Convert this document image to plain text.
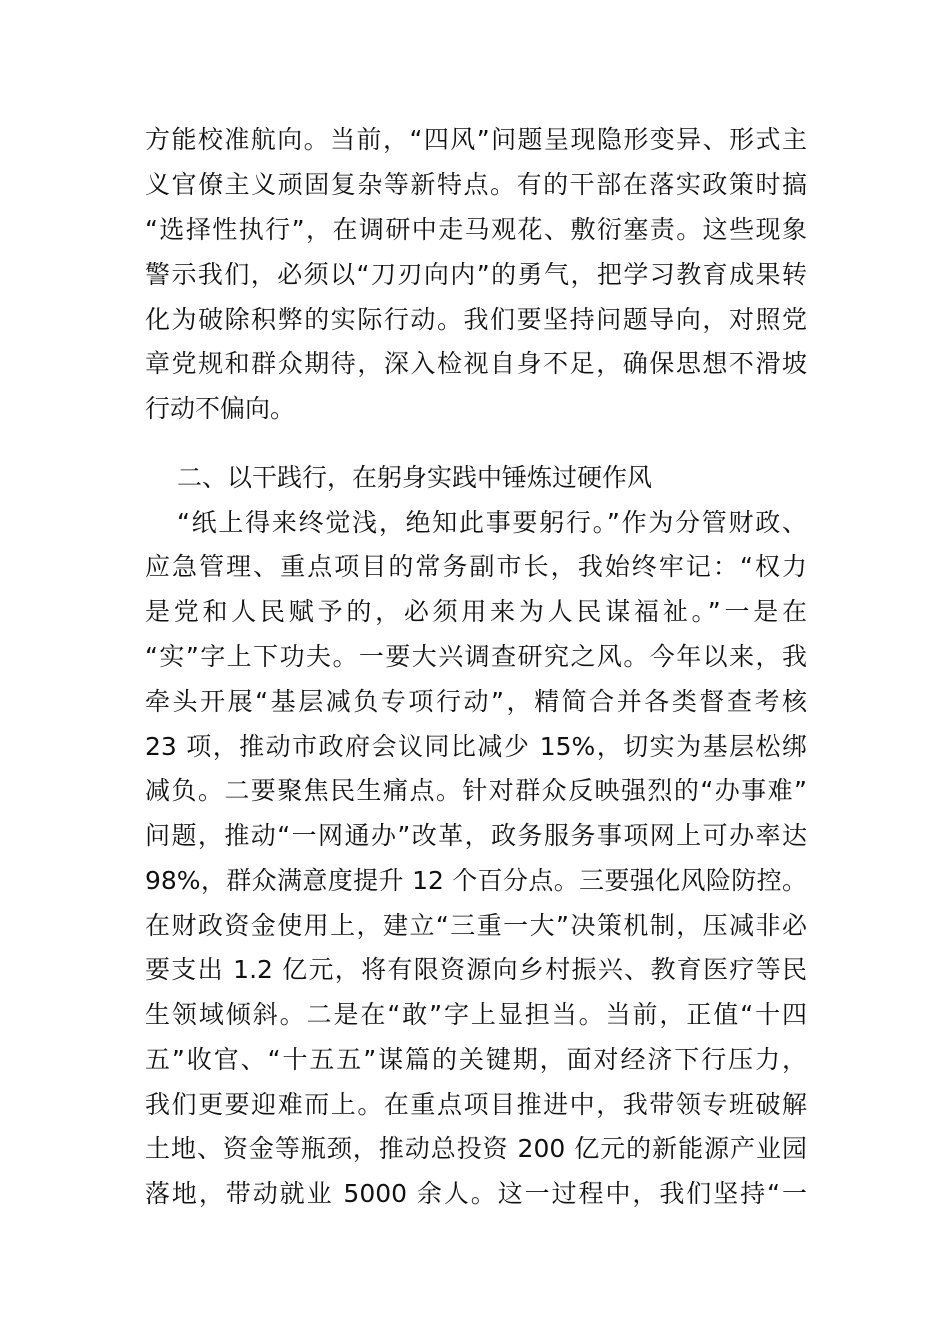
方能校准航向。当前，“四风”问题呈现隐形变异、形式主
义官僚主义顽固复杂等新特点。有的干部在落实政策时搞
“选择性执行”，在调研中走马观花、敷衍塞责。这些现象
警示我们，必须以“刀刃向内”的勇气，把学习教育成果转
化为破除积弊的实际行动。我们要坚持问题导向，对照党
章党规和群众期待，深入检视自身不足，确保思想不滑坡
行动不偏向。
二、以干践行，在躬身实践中锤炼过硬作风
“纸上得来终觉浅，绝知此事要躬行。”作为分管财政、
应急管理、重点项目的常务副市长，我始终牢记：“权力
是党和人民赋予的，必须用来为人民谋福祉。”一是在
“实”字上下功夫。一要大兴调查研究之风。今年以来，我
牵头开展“基层减负专项行动”，精简合并各类督查考核
23 项，推动市政府会议同比减少 15%，切实为基层松绑
减负。二要聚焦民生痛点。针对群众反映强烈的“办事难”
问题，推动“一网通办”改革，政务服务事项网上可办率达
98%，群众满意度提升 12 个百分点。三要强化风险防控。
在财政资金使用上，建立“三重一大”决策机制，压减非必
要支出 1.2 亿元，将有限资源向乡村振兴、教育医疗等民
生领域倾斜。二是在“敢”字上显担当。当前，正值“十四
五”收官、“十五五”谋篇的关键期，面对经济下行压力，
我们更要迎难而上。在重点项目推进中，我带领专班破解
土地、资金等瓶颈，推动总投资 200 亿元的新能源产业园
落地，带动就业 5000 余人。这一过程中，我们坚持“一
